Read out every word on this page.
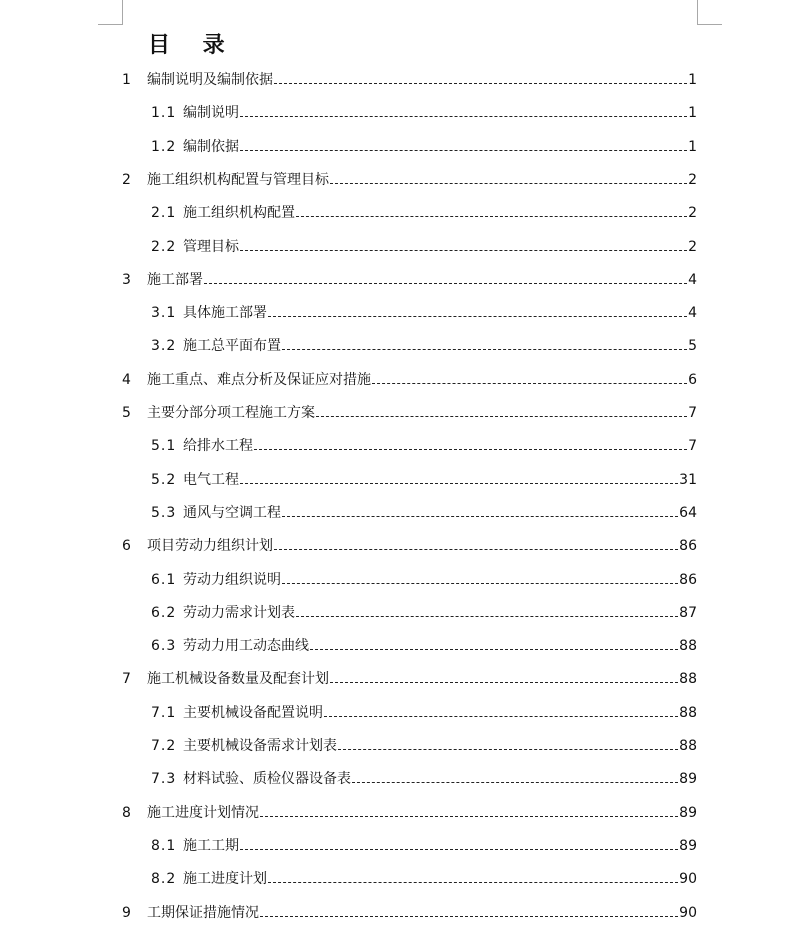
目　 录
1 编制说明及编制依据	1
1.1 编制说明	1
1.2 编制依据	1
2 施工组织机构配置与管理目标	2
2.1 施工组织机构配置	2
2.2 管理目标	2
3 施工部署	4
3.1 具体施工部署	4
3.2 施工总平面布置	5
4 施工重点、难点分析及保证应对措施	6
5 主要分部分项工程施工方案	7
5.1 给排水工程	7
5.2 电气工程	31
5.3 通风与空调工程	64
6 项目劳动力组织计划	86
6.1 劳动力组织说明	86
6.2 劳动力需求计划表	87
6.3 劳动力用工动态曲线	88
7 施工机械设备数量及配套计划	88
7.1 主要机械设备配置说明	88
7.2 主要机械设备需求计划表	88
7.3 材料试验、质检仪器设备表	89
8 施工进度计划情况	89
8.1 施工工期	89
8.2 施工进度计划	90
9 工期保证措施情况	90
